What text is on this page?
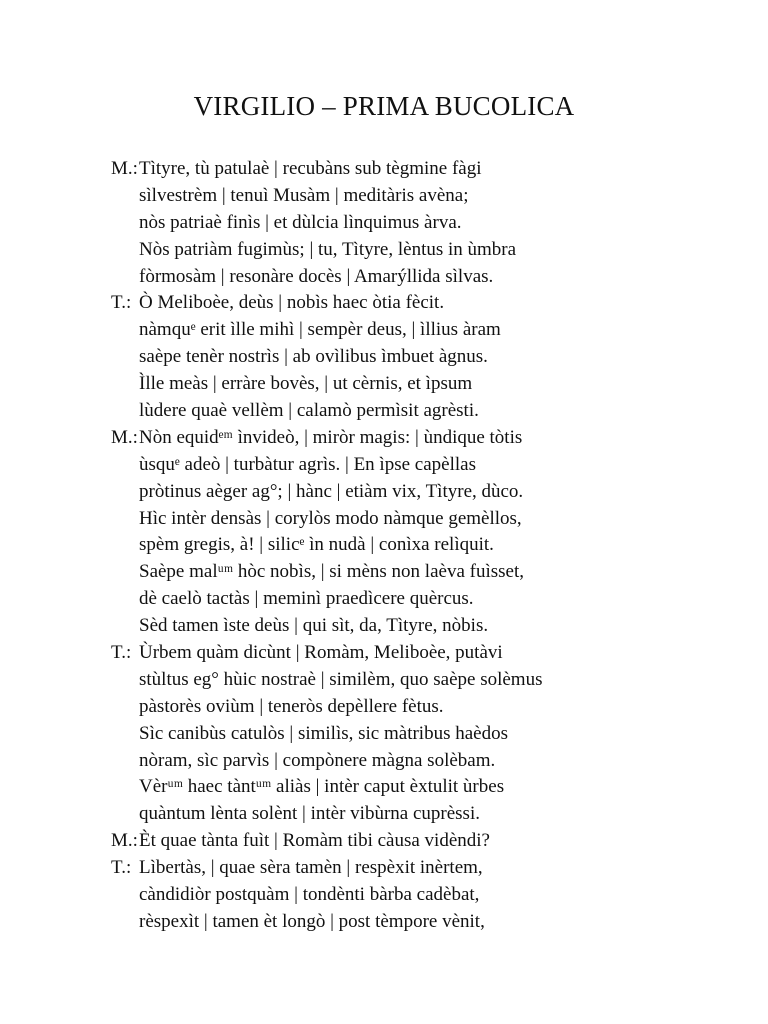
VIRGILIO – PRIMA BUCOLICA
M.: Tìtyre, tù patulaè | recubàns sub tègmine fàgi
sìlvestrèm | tenuì Musàm | meditàris avèna;
nòs patriaè finìs | et dùlcia lìnquimus àrva.
Nòs patriàm fugimùs; | tu, Tìtyre, lèntus in ùmbra
fòrmosàm | resonàre docès | Amarýllida sìlvas.
T.: Ò Meliboèe, deùs | nobìs haec òtia fècit.
nàmquᵉ erit ìlle mihì | sempèr deus, | ìllius àram
saèpe tenèr nostrìs | ab ovìlibus ìmbuet àgnus.
Ìlle meàs | erràre bovès, | ut cèrnis, et ìpsum
lùdere quaè vellèm | calamò permìsit agrèsti.
M.: Nòn equidᵉᵐ ìnvideò, | miròr magis: | ùndique tòtis
ùsquᵉ adeò | turbàtur agrìs. | En ìpse capèllas
pròtinus aèger ag°; | hànc | etiàm vix, Tìtyre, dùco.
Hìc intèr densàs | corylòs modo nàmque gemèllos,
spèm gregis, à! | silicᵉ ìn nudà | conìxa relìquit.
Saèpe malᵘᵐ hòc nobìs, | si mèns non laèva fuìsset,
dè caelò tactàs | meminì praedìcere quèrcus.
Sèd tamen ìste deùs | qui sìt, da, Tìtyre, nòbis.
T.: Ùrbem quàm dicùnt | Romàm, Meliboèe, putàvi
stùltus eg° hùic nostraè | similèm, quo saèpe solèmus
pàstorès oviùm | teneròs depèllere fètus.
Sìc canibùs catulòs | similìs, sic màtribus haèdos
nòram, sìc parvìs | compònere màgna solèbam.
Vèrᵘᵐ haec tàntᵘᵐ aliàs | intèr caput èxtulit ùrbes
quàntum lènta solènt | intèr vibùrna cuprèssi.
M.: Èt quae tànta fuìt | Romàm tibi càusa vidèndi?
T.: Lìbertàs, | quae sèra tamèn | respèxit inèrtem,
càndidiòr postquàm | tondènti bàrba cadèbat,
rèspexìt | tamen èt longò | post tèmpore vènit,
